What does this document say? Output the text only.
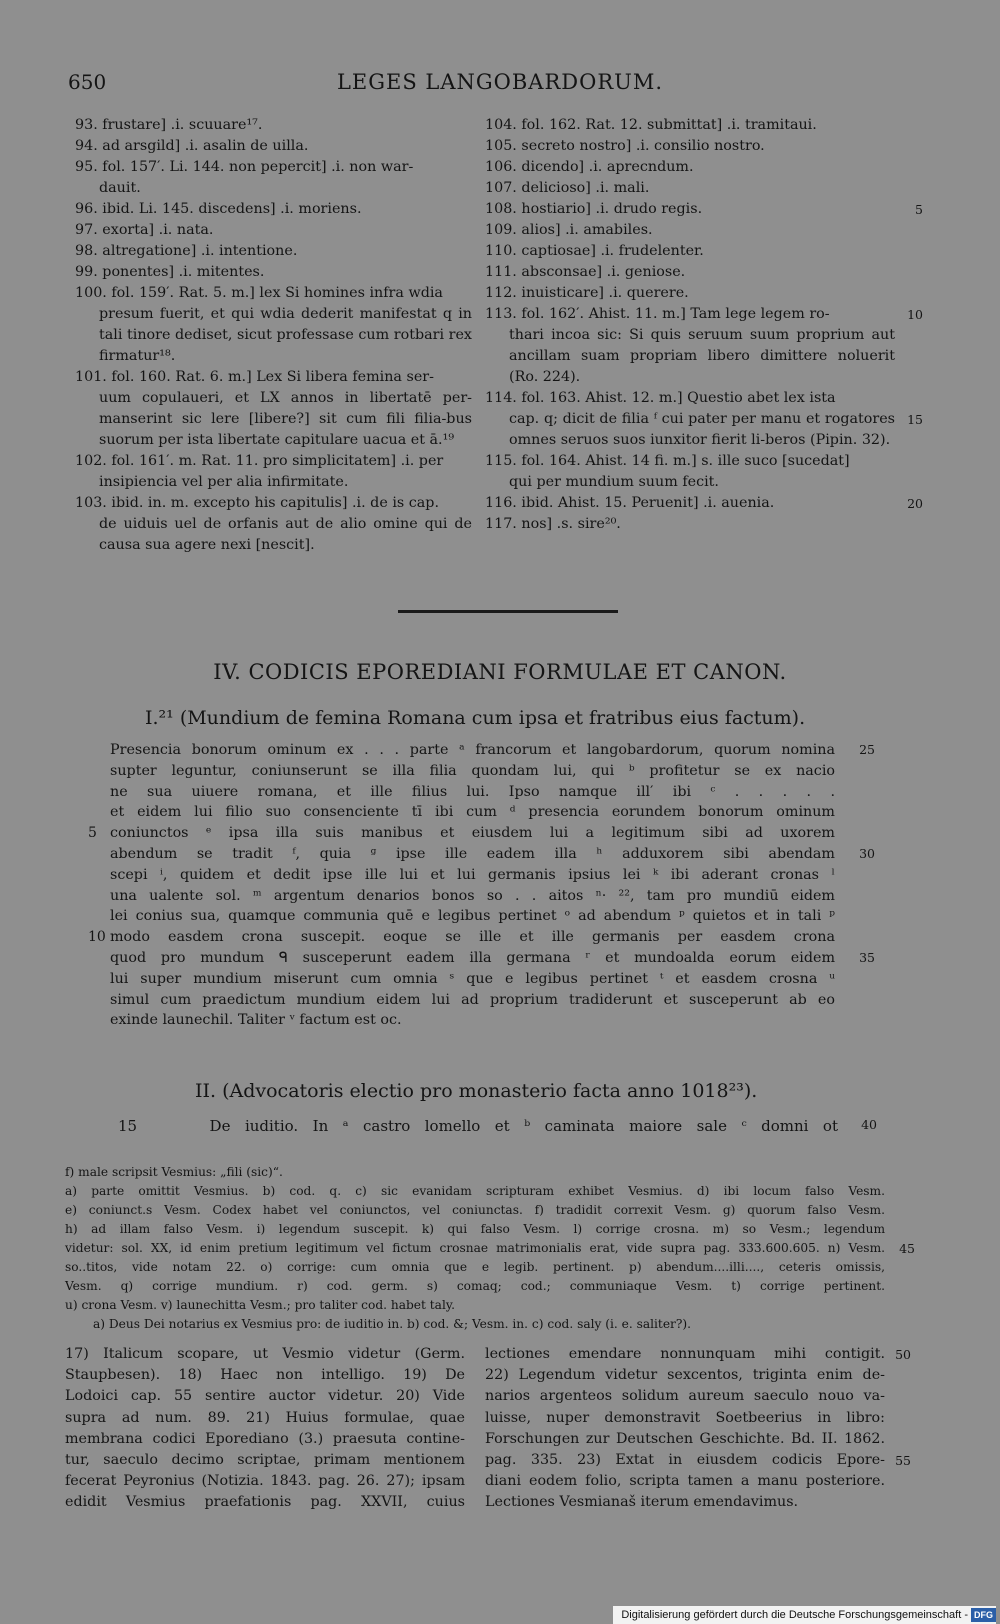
650	LEGES LANGOBARDORUM.
93. frustare] .i. scuuare¹⁷.
94. ad arsgild] .i. asalin de uilla.
95. fol. 157′. Li. 144. non pepercit] .i. non war-
dauit.
96. ibid. Li. 145. discedens] .i. moriens.
97. exorta] .i. nata.
98. altregatione] .i. intentione.
99. ponentes] .i. mitentes.
100. fol. 159′. Rat. 5. m.] lex Si homines infra wdia
presum fuerit, et qui wdia dederit manifestat q in tali tinore dediset, sicut professase cum rotbari rex firmatur¹⁸.
101. fol. 160. Rat. 6. m.] Lex Si libera femina ser-
uum copulaueri, et LX annos in libertatē per-manserint sic lere [libere?] sit cum fili filia-bus suorum per ista libertate capitulare uacua et ā.¹⁹
102. fol. 161′. m. Rat. 11. pro simplicitatem] .i. per
insipiencia vel per alia infirmitate.
103. ibid. in. m. excepto his capitulis] .i. de is cap.
de uiduis uel de orfanis aut de alio omine qui de causa sua agere nexi [nescit].
104. fol. 162. Rat. 12. submittat] .i. tramitaui.
105. secreto nostro] .i. consilio nostro.
106. dicendo] .i. aprecndum.
107. delicioso] .i. mali.
108. hostiario] .i. drudo regis.	5
109. alios] .i. amabiles.
110. captiosae] .i. frudelenter.
111. absconsae] .i. geniose.
112. inuisticare] .i. querere.
113. fol. 162′. Ahist. 11. m.] Tam lege legem ro-	10
thari incoa sic: Si quis seruum suum proprium aut ancillam suam propriam libero dimittere noluerit (Ro. 224).
114. fol. 163. Ahist. 12. m.] Questio abet lex ista
15
cap. q; dicit de filia ᶠ cui pater per manu et rogatores omnes seruos suos iunxitor fierit li-beros (Pipin. 32).
115. fol. 164. Ahist. 14 fi. m.] s. ille suco [sucedat]
qui per mundium suum fecit.
116. ibid. Ahist. 15. Peruenit] .i. auenia.	20
117. nos] .s. sire²⁰.
IV. CODICIS EPOREDIANI FORMULAE ET CANON.
I.²¹ (Mundium de femina Romana cum ipsa et fratribus eius factum).
Presencia bonorum ominum ex . . . parte ᵃ francorum et langobardorum, quorum nomina 25
supter leguntur, coniunserunt se illa filia quondam lui, qui ᵇ profitetur se ex nacio
ne sua uiuere romana, et ille filius lui. Ipso namque ill′ ibi ᶜ . . . . .
et eidem lui filio suo consenciente tī ibi cum ᵈ presencia eorundem bonorum ominum
coniunctos ᵉ ipsa illa suis manibus et eiusdem lui a legitimum sibi ad uxorem
5
abendum se tradit ᶠ, quia ᵍ ipse ille eadem illa ʰ adduxorem sibi abendam 30
scepi ⁱ, quidem et dedit ipse ille lui et lui germanis ipsius lei ᵏ ibi aderant cronas ˡ
una ualente sol. ᵐ argentum denarios bonos so . . aitos ⁿ· ²², tam pro mundiū eidem
lei conius sua, quamque communia quē e legibus pertinet ᵒ ad abendum ᵖ quietos et in tali ᵖ
modo easdem crona suscepit. eoque se ille et ille germanis per easdem crona
10
quod pro mundum ᑫ susceperunt eadem illa germana ʳ et mundoalda eorum eidem 35
lui super mundium miserunt cum omnia ˢ que e legibus pertinet ᵗ et easdem crosna ᵘ
simul cum praedictum mundium eidem lui ad proprium tradiderunt et susceperunt ab eo
exinde launechil. Taliter ᵛ factum est oc.
II. (Advocatoris electio pro monasterio facta anno 1018²³).
15	De iuditio. In ᵃ castro lomello et ᵇ caminata maiore sale ᶜ domni ot 40
f) male scripsit Vesmius: „fili (sic)“.
a) parte omittit Vesmius. b) cod. q. c) sic evanidam scripturam exhibet Vesmius. d) ibi locum falso Vesm.
e) coniunct.s Vesm. Codex habet vel coniunctos, vel coniunctas. f) tradidit correxit Vesm. g) quorum falso Vesm.
h) ad illam falso Vesm. i) legendum suscepit. k) qui falso Vesm. l) corrige crosna. m) so Vesm.; legendum
videtur: sol. XX, id enim pretium legitimum vel fictum crosnae matrimonialis erat, vide supra pag. 333.600.605. n) Vesm. 45
so..titos, vide notam 22. o) corrige: cum omnia que e legib. pertinent. p) abendum....illi...., ceteris omissis,
Vesm. q) corrige mundium. r) cod. germ. s) comaq; cod.; communiaque Vesm. t) corrige pertinent.
u) crona Vesm. v) launechitta Vesm.; pro taliter cod. habet taly.
a) Deus Dei notarius ex Vesmius pro: de iuditio in. b) cod. &; Vesm. in. c) cod. saly (i. e. saliter?).
17) Italicum scopare, ut Vesmio videtur (Germ.
Staupbesen). 18) Haec non intelligo. 19) De
Lodoici cap. 55 sentire auctor videtur. 20) Vide
supra ad num. 89. 21) Huius formulae, quae
membrana codici Eporediano (3.) praesuta contine-
tur, saeculo decimo scriptae, primam mentionem
fecerat Peyronius (Notizia. 1843. pag. 26. 27); ipsam
edidit Vesmius praefationis pag. XXVII, cuius
lectiones emendare nonnunquam mihi contigit. 50
22) Legendum videtur sexcentos, triginta enim de-
narios argenteos solidum aureum saeculo nouo va-
luisse, nuper demonstravit Soetbeerius in libro:
Forschungen zur Deutschen Geschichte. Bd. II. 1862.
pag. 335. 23) Extat in eiusdem codicis Epore- 55
diani eodem folio, scripta tamen a manu posteriore.
Lectiones Vesmianaš iterum emendavimus.
Digitalisierung gefördert durch die Deutsche Forschungsgemeinschaft - DFG
